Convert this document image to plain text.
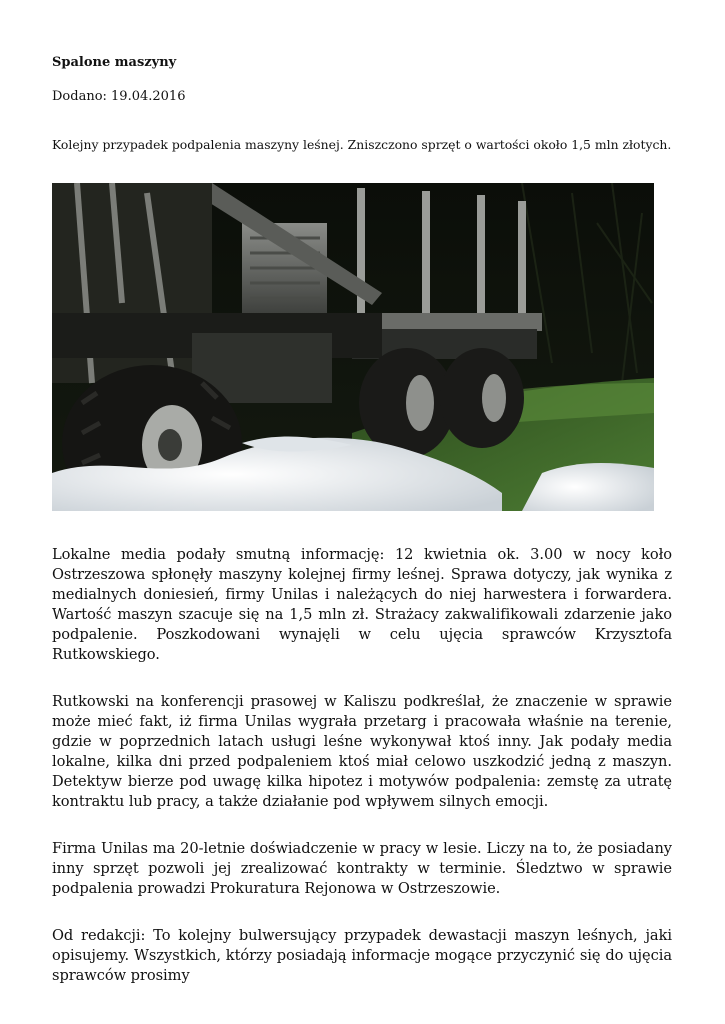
Spalone maszyny

Dodano: 19.04.2016

Kolejny przypadek podpalenia maszyny leśnej. Zniszczono sprzęt o wartości około 1,5 mln złotych.

Lokalne media podały smutną informację: 12 kwietnia ok. 3.00 w nocy koło Ostrzeszowa spłonęły maszyny kolejnej firmy leśnej. Sprawa dotyczy, jak wynika z medialnych doniesień, firmy Unilas i należących do niej harwestera i forwardera. Wartość maszyn szacuje się na 1,5 mln zł. Strażacy zakwalifikowali zdarzenie jako podpalenie. Poszkodowani wynajęli w celu ujęcia sprawców Krzysztofa Rutkowskiego.

Rutkowski na konferencji prasowej w Kaliszu podkreślał, że znaczenie w sprawie może mieć fakt, iż firma Unilas wygrała przetarg i pracowała właśnie na terenie, gdzie w poprzednich latach usługi leśne wykonywał ktoś inny. Jak podały media lokalne, kilka dni przed podpaleniem ktoś miał celowo uszkodzić jedną z maszyn. Detektyw bierze pod uwagę kilka hipotez i motywów podpalenia: zemstę za utratę kontraktu lub pracy, a także działanie pod wpływem silnych emocji.

Firma Unilas ma 20-letnie doświadczenie w pracy w lesie. Liczy na to, że posiadany inny sprzęt pozwoli jej zrealizować kontrakty w terminie. Śledztwo w sprawie podpalenia prowadzi Prokuratura Rejonowa w Ostrzeszowie.

Od redakcji: To kolejny bulwersujący przypadek dewastacji maszyn leśnych, jaki opisujemy. Wszystkich, którzy posiadają informacje mogące przyczynić się do ujęcia sprawców prosimy
